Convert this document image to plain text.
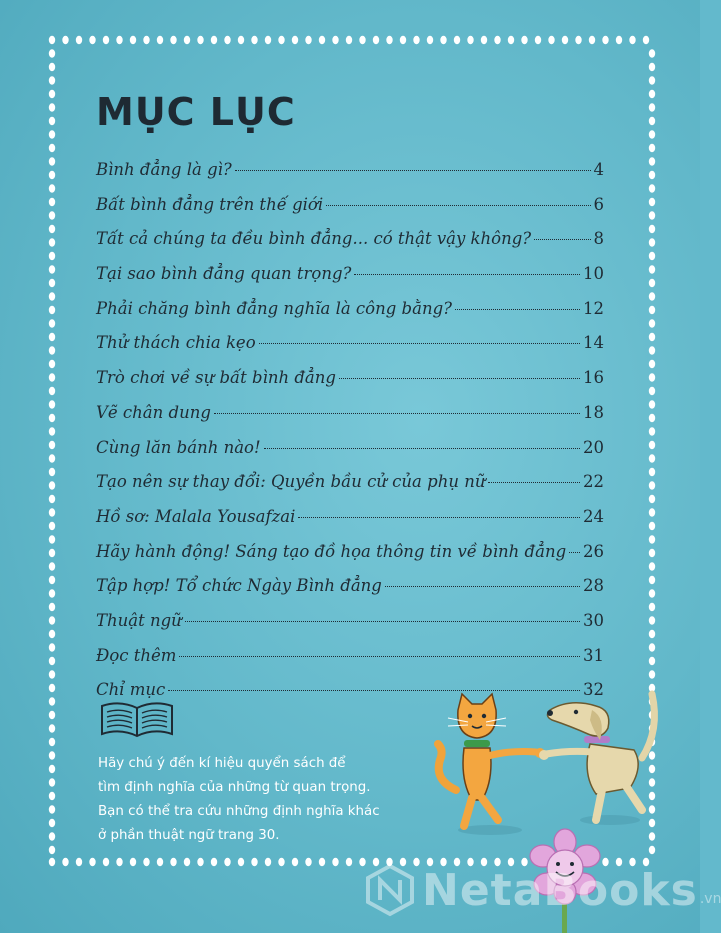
MỤC LỤC
Bình đẳng là gì?	4
Bất bình đẳng trên thế giới	6
Tất cả chúng ta đều bình đẳng... có thật vậy không?	8
Tại sao bình đẳng quan trọng?	10
Phải chăng bình đẳng nghĩa là công bằng?	12
Thử thách chia kẹo	14
Trò chơi về sự bất bình đẳng	16
Vẽ chân dung	18
Cùng lăn bánh nào!	20
Tạo nên sự thay đổi: Quyền bầu cử của phụ nữ	22
Hồ sơ: Malala Yousafzai	24
Hãy hành động! Sáng tạo đồ họa thông tin về bình đẳng 26
Tập hợp! Tổ chức Ngày Bình đẳng	28
Thuật ngữ	30
Đọc thêm	31
Chỉ mục	32

Hãy chú ý đến kí hiệu quyển sách để
tìm định nghĩa của những từ quan trọng.
Bạn có thể tra cứu những định nghĩa khác
ở phần thuật ngữ trang 30.

NetaBooks .vn
